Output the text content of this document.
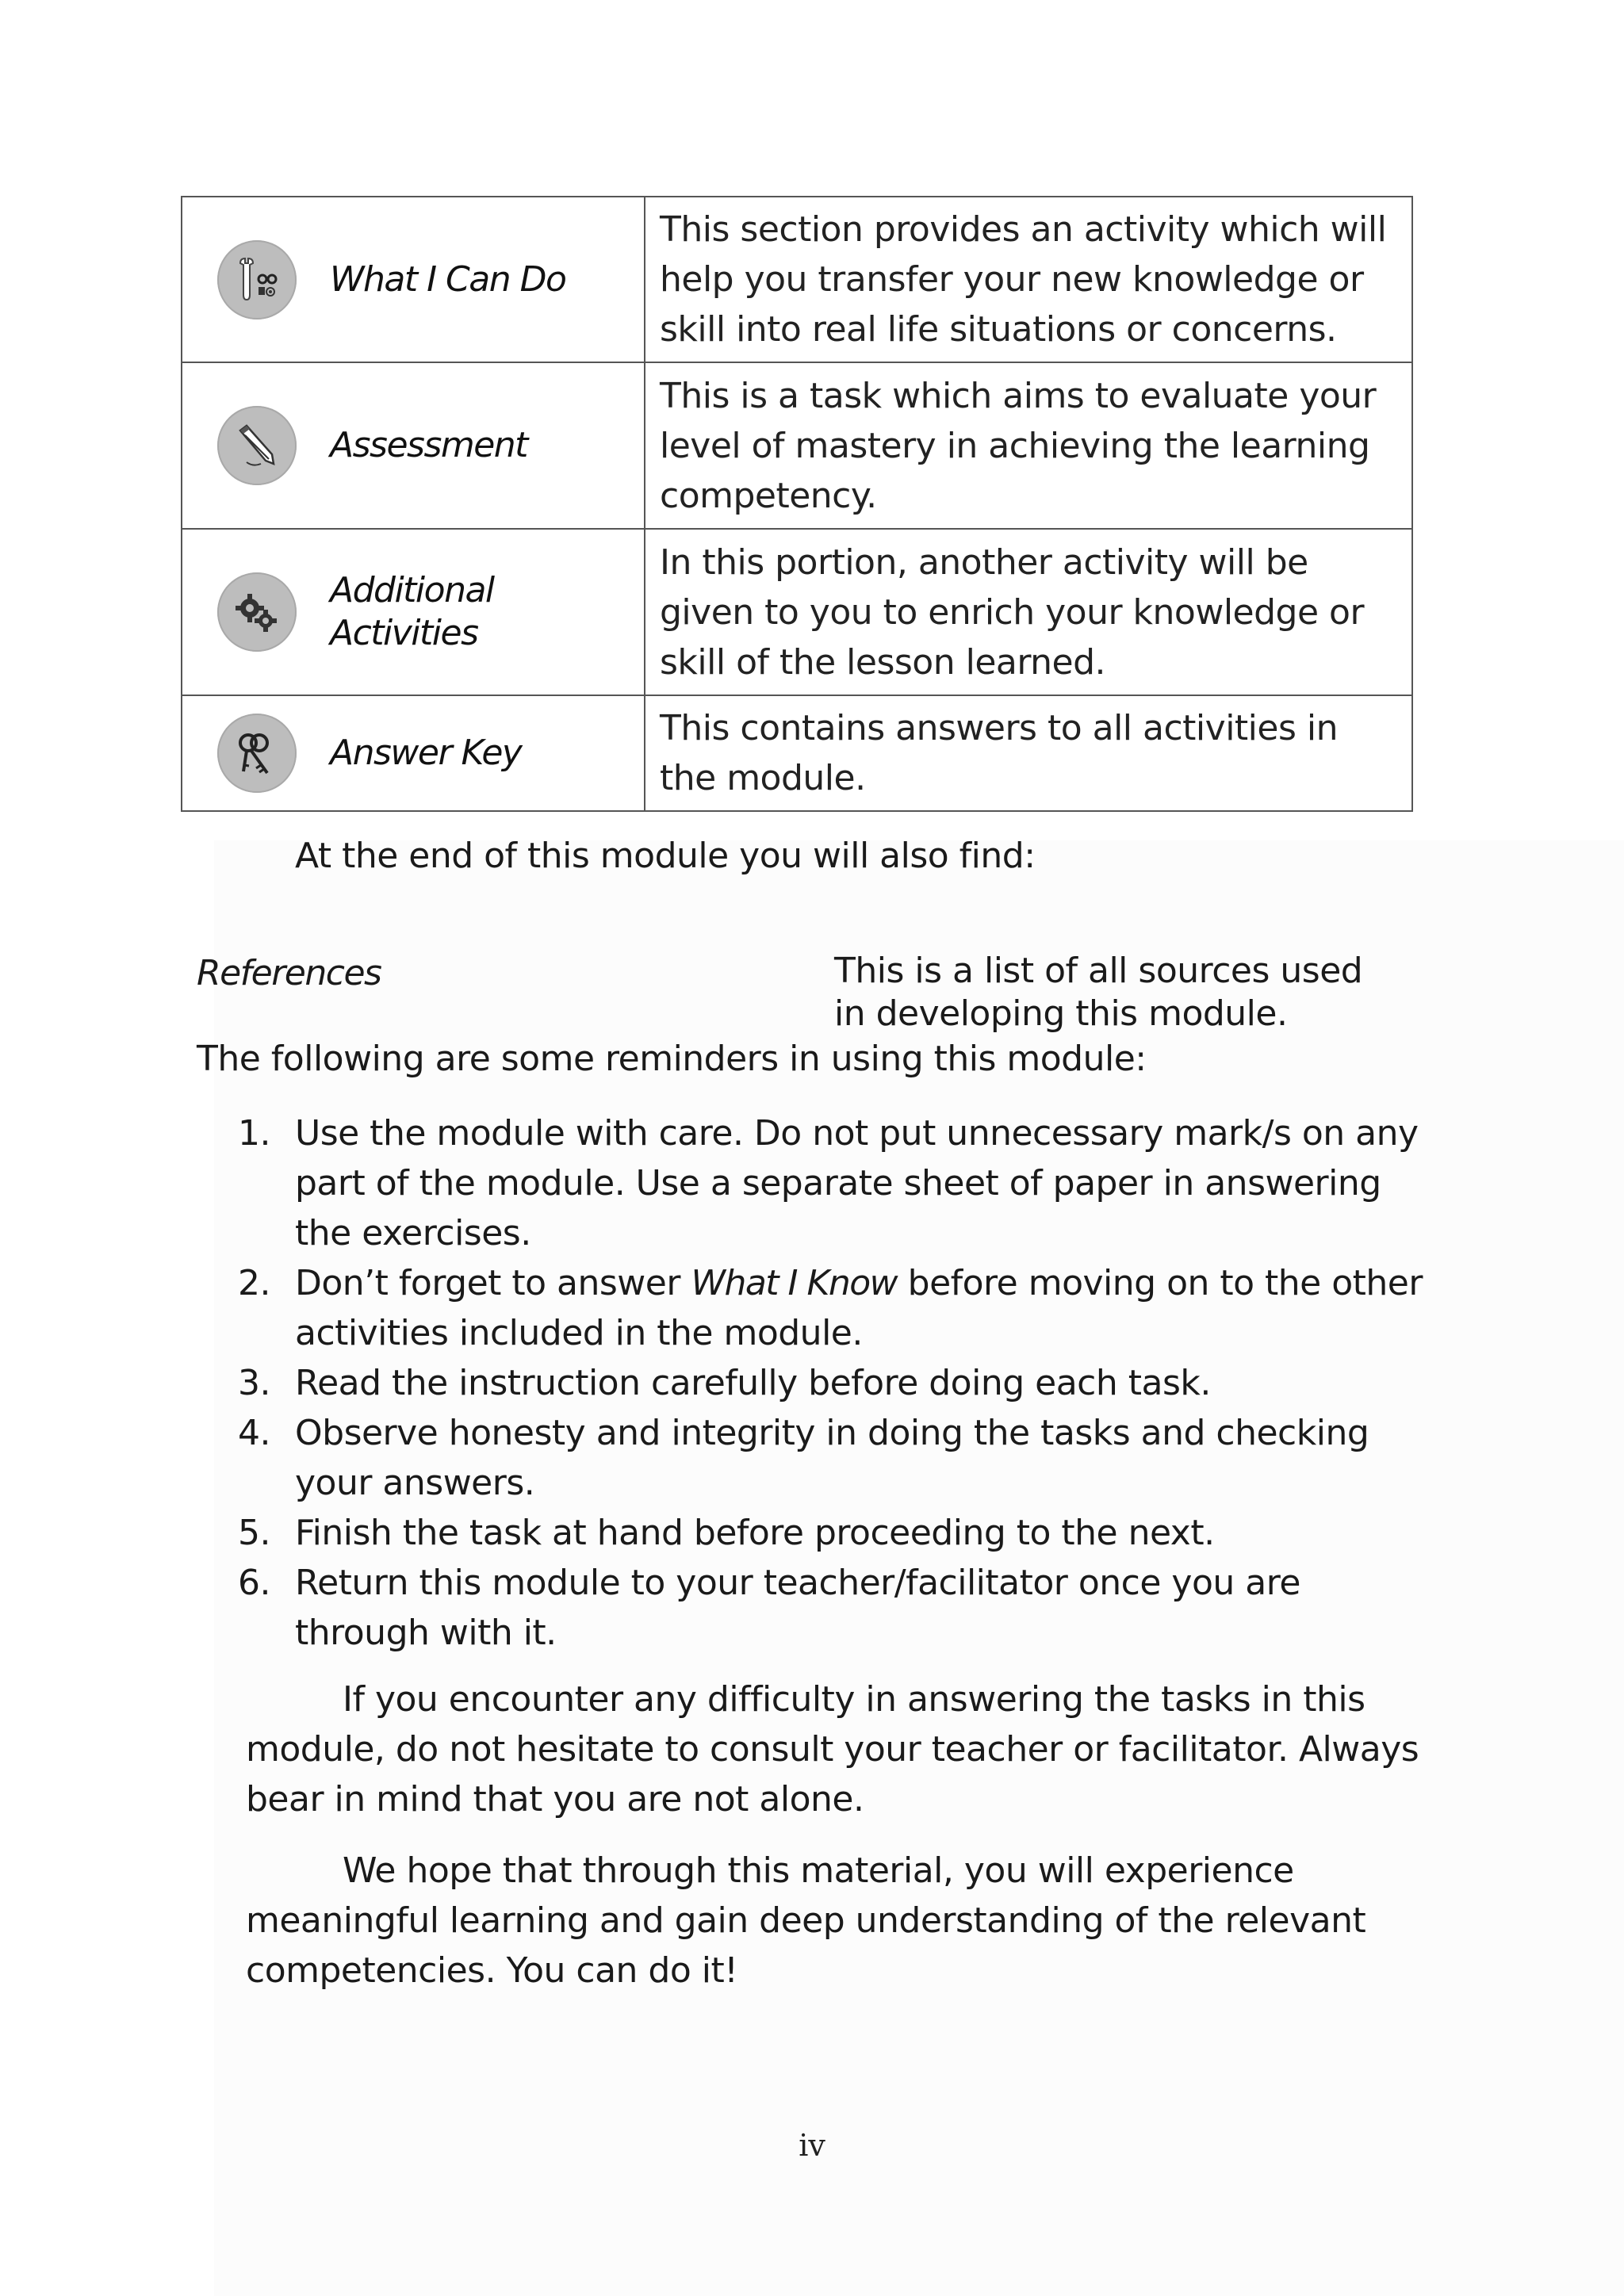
What I Can Do	This section provides an activity which will help you transfer your new knowledge or skill into real life situations or concerns.

Assessment	This is a task which aims to evaluate your level of mastery in achieving the learning competency.

Additional
Activities	In this portion, another activity will be given to you to enrich your knowledge or skill of the lesson learned.

Answer Key	This contains answers to all activities in the module.
At the end of this module you will also find:
References	This is a list of all sources used in developing this module.
The following are some reminders in using this module:
1. Use the module with care. Do not put unnecessary mark/s on any part of the module. Use a separate sheet of paper in answering the exercises.
2. Don’t forget to answer What I Know before moving on to the other activities included in the module.
3. Read the instruction carefully before doing each task.
4. Observe honesty and integrity in doing the tasks and checking your answers.
5. Finish the task at hand before proceeding to the next.
6. Return this module to your teacher/facilitator once you are through with it.

If you encounter any difficulty in answering the tasks in this module, do not hesitate to consult your teacher or facilitator. Always bear in mind that you are not alone.

We hope that through this material, you will experience meaningful learning and gain deep understanding of the relevant competencies. You can do it!

iv
